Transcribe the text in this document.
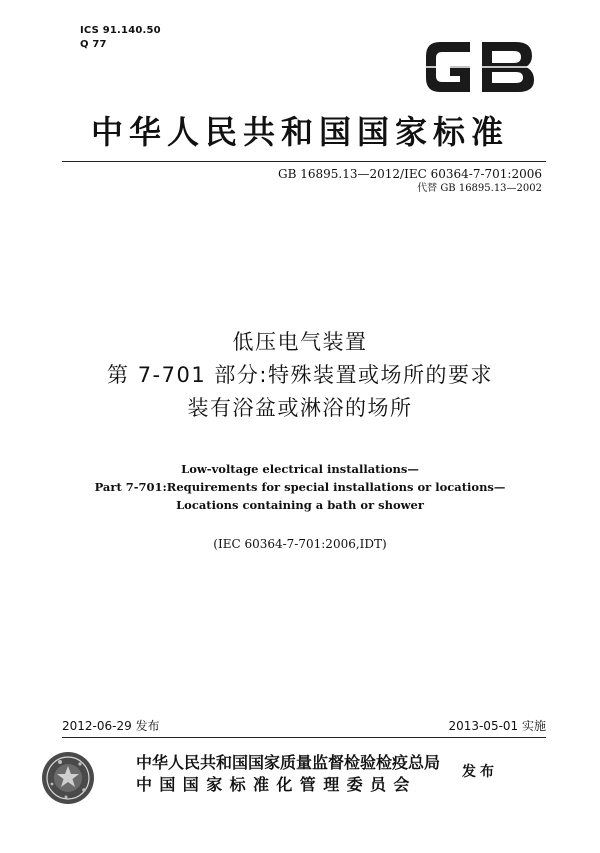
ICS 91.140.50
Q 77
中华人民共和国国家标准
GB 16895.13—2012/IEC 60364-7-701:2006
代替 GB 16895.13—2002
低压电气装置
第 7-701 部分:特殊装置或场所的要求
装有浴盆或淋浴的场所
Low-voltage electrical installations—
Part 7-701:Requirements for special installations or locations—
Locations containing a bath or shower
(IEC 60364-7-701:2006,IDT)
2012-06-29 发布	2013-05-01 实施
中华人民共和国国家质量监督检验检疫总局
中国国家标准化管理委员会
发布
